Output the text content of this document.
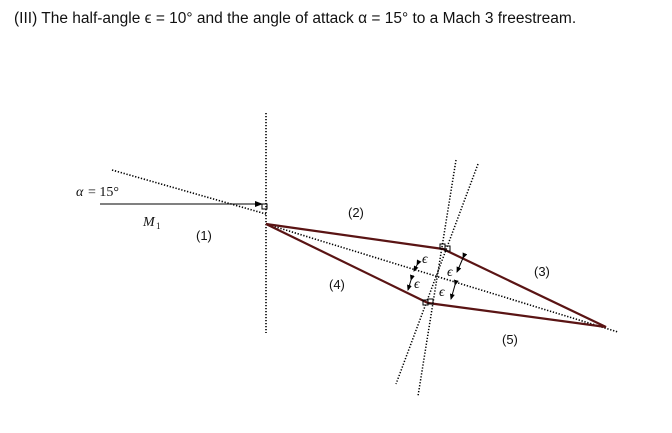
(III) The half-angle ϵ = 10° and the angle of attack α = 15° to a Mach 3 freestream.
ϵ
ϵ
ϵ
ϵ
α = 15°
M 1
(1)
(2)
(3)
(4)
(5)
